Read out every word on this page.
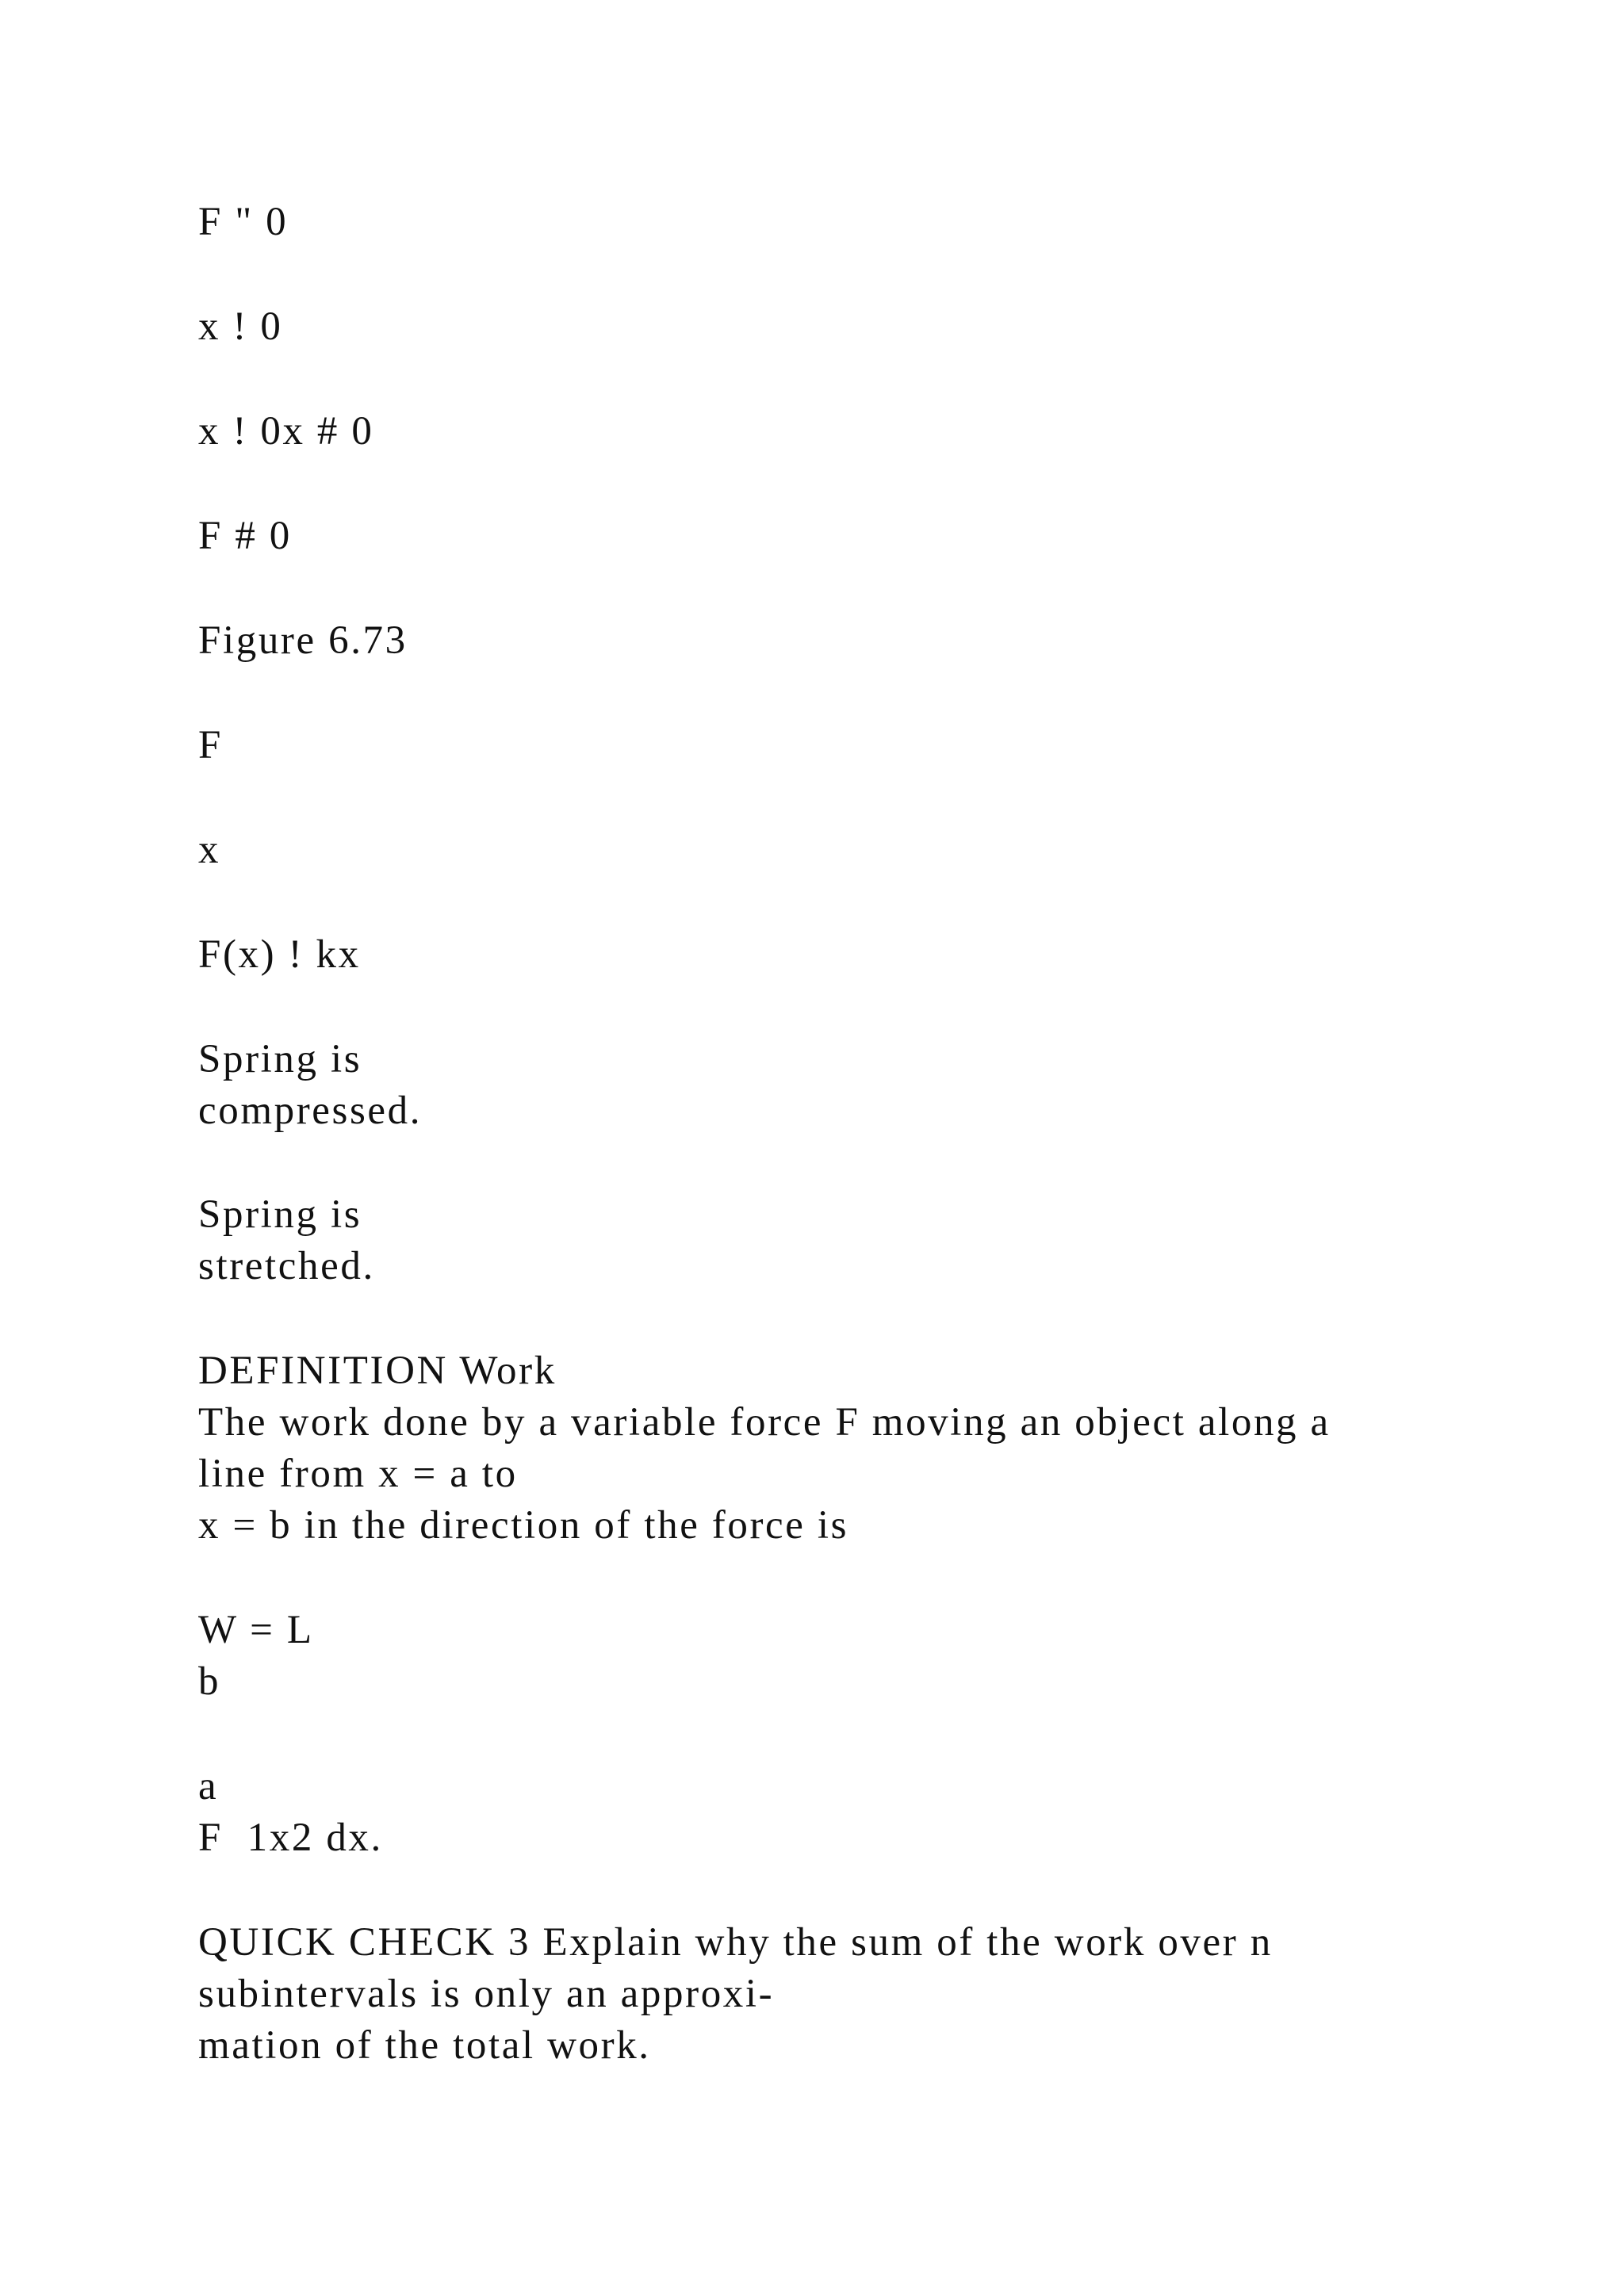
F " 0

x ! 0

x ! 0x # 0

F # 0

Figure 6.73

F

x

F(x) ! kx

Spring is

compressed.

Spring is

stretched.

DEFINITION Work

The work done by a variable force F moving an object along a

line from x = a to

x = b in the direction of the force is

W = L

b

a

F  1x2 dx.

QUICK CHECK 3 Explain why the sum of the work over n

subintervals is only an approxi-

mation of the total work.
